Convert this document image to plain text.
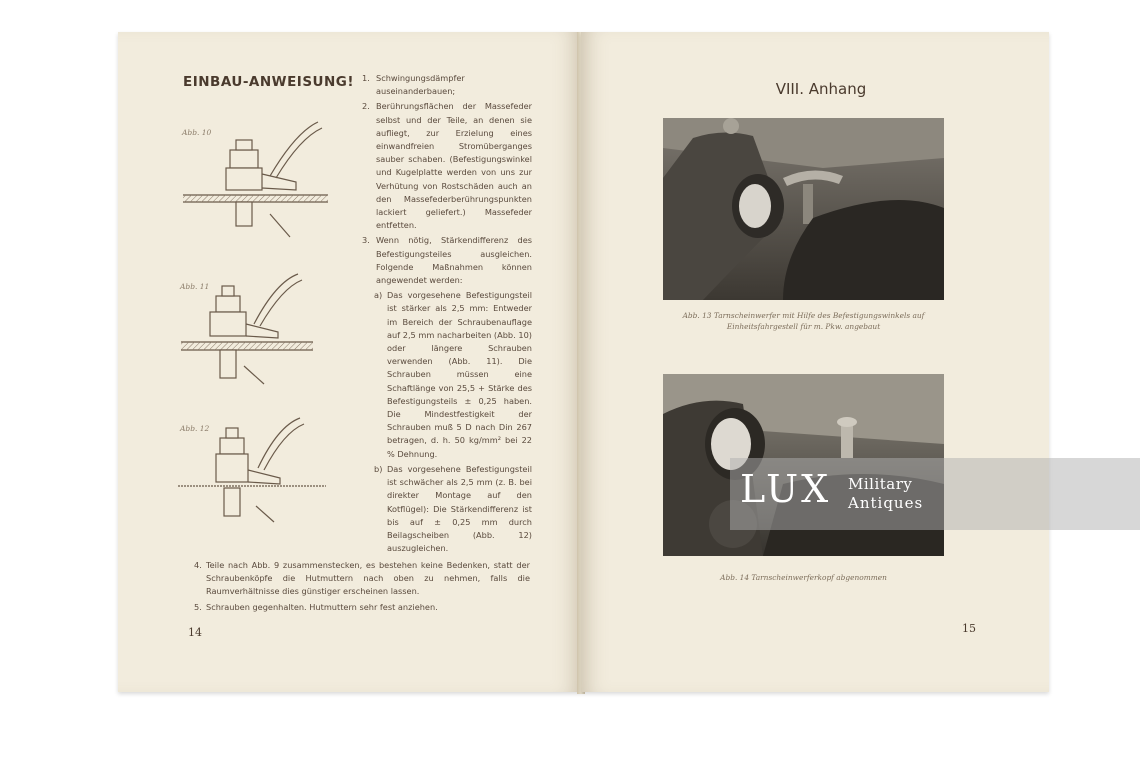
EINBAU-ANWEISUNG! 1. Schwingungsdämpfer auseinanderbauen;
2. Berührungsflächen der Massefeder selbst und der Teile, an denen sie aufliegt, zur Erzielung eines einwandfreien Stromüberganges sauber schaben. (Befestigungswinkel und Kugelplatte werden von uns zur Verhütung von Rostschäden auch an den Massefederberührungspunkten lackiert geliefert.) Massefeder entfetten.
3. Wenn nötig, Stärkendifferenz des Befestigungsteiles ausgleichen. Folgende Maßnahmen können angewendet werden:
a) Das vorgesehene Befestigungsteil ist stärker als 2,5 mm: Entweder im Bereich der Schraubenauflage auf 2,5 mm nacharbeiten (Abb. 10) oder längere Schrauben verwenden (Abb. 11). Die Schrauben müssen eine Schaftlänge von 25,5 + Stärke des Befestigungsteils ± 0,25 haben. Die Mindestfestigkeit der Schrauben muß 5 D nach Din 267 betragen, d. h. 50 kg/mm² bei 22 % Dehnung.
b) Das vorgesehene Befestigungsteil ist schwächer als 2,5 mm (z. B. bei direkter Montage auf den Kotflügel): Die Stärkendifferenz ist bis auf ± 0,25 mm durch Beilagscheiben (Abb. 12) auszugleichen.
Abb. 10
Abb. 11
Abb. 12
4. Teile nach Abb. 9 zusammenstecken, es bestehen keine Bedenken, statt der Schraubenköpfe die Hutmuttern nach oben zu nehmen, falls die Raumverhältnisse dies günstiger erscheinen lassen.
5. Schrauben gegenhalten. Hutmuttern sehr fest anziehen.
14
VIII. Anhang
Abb. 13 Tarnscheinwerfer mit Hilfe des Befestigungswinkels auf Einheitsfahrgestell für m. Pkw. angebaut
Abb. 14 Tarnscheinwerferkopf abgenommen
15
LUX Military
Antiques
